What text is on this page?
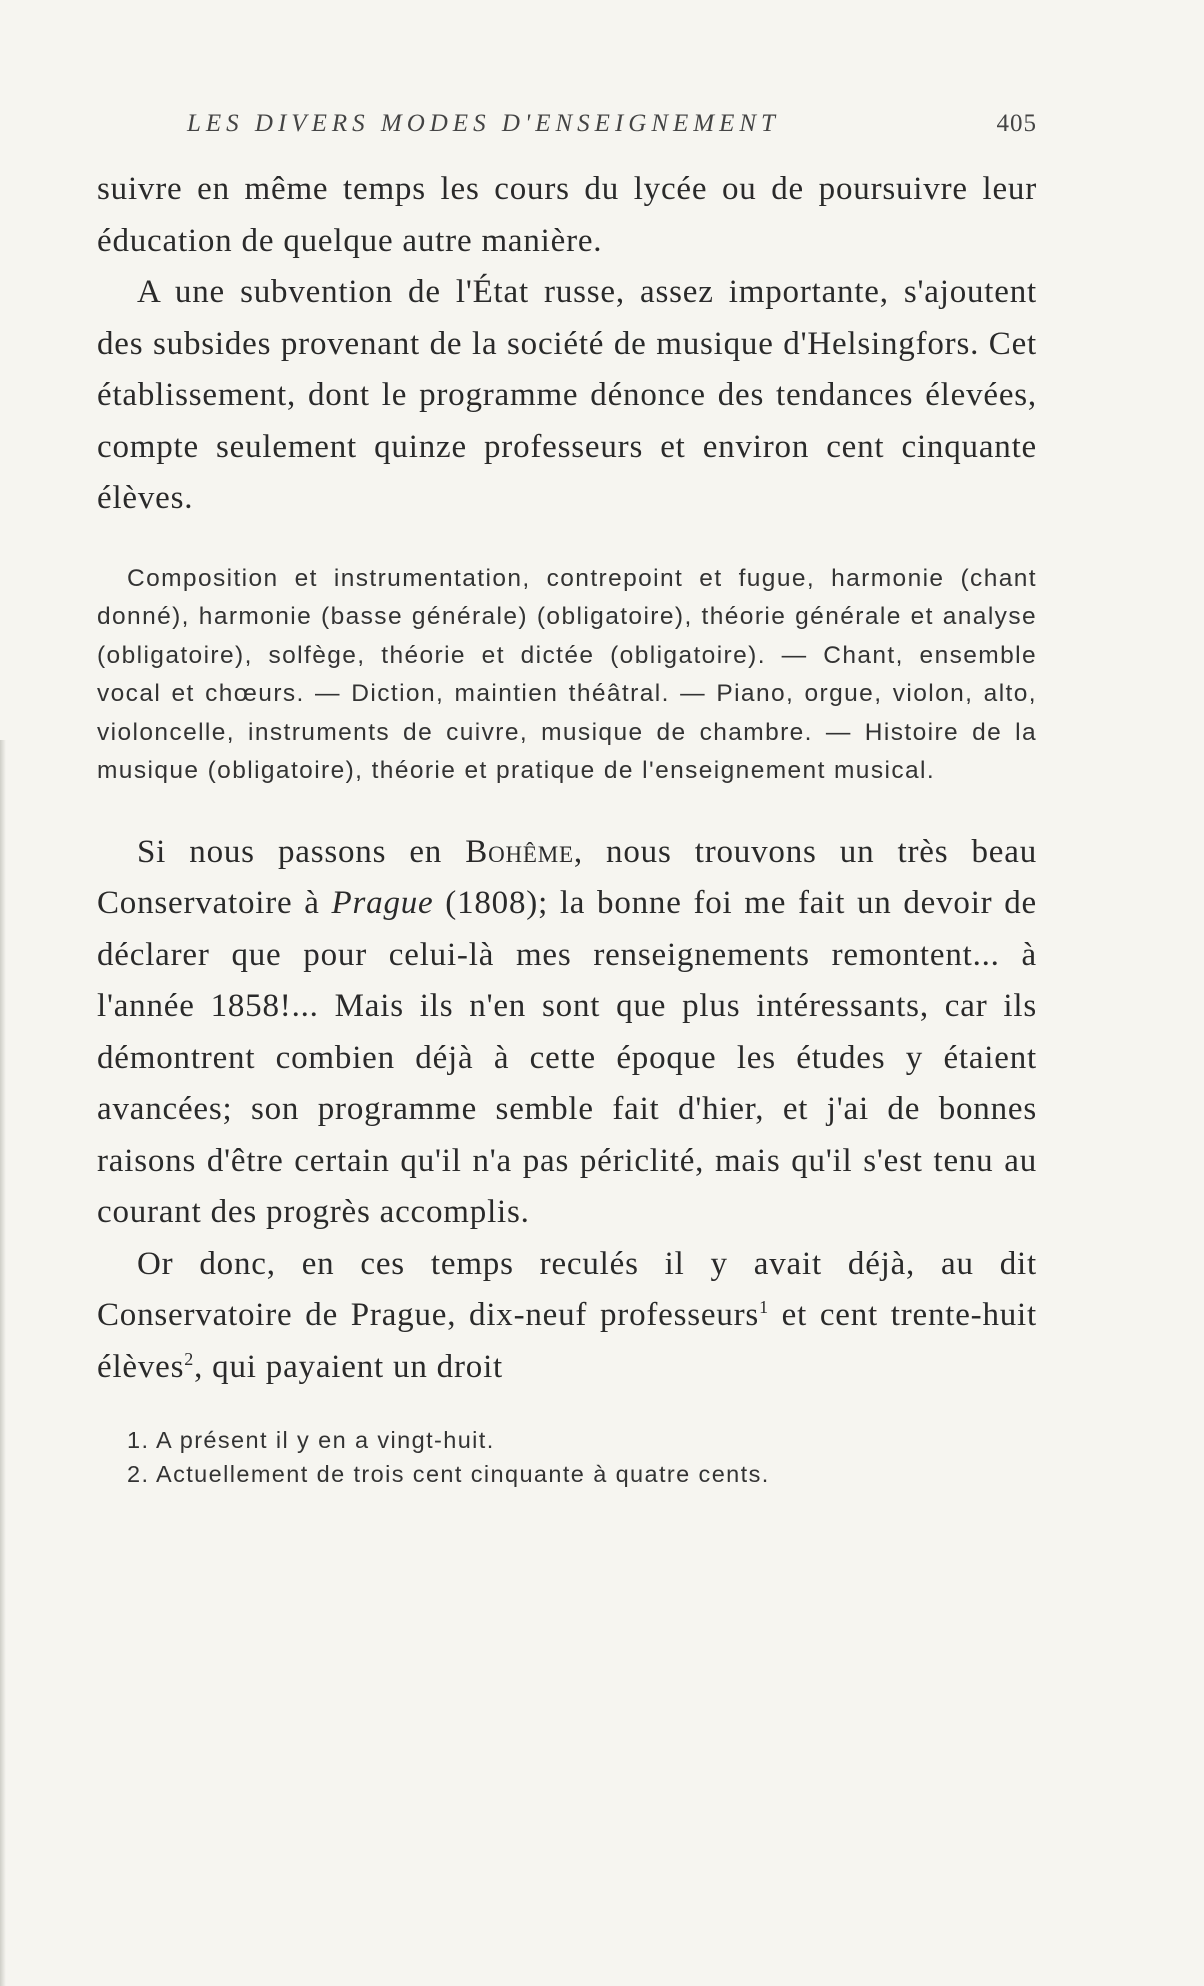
LES DIVERS MODES D'ENSEIGNEMENT	405

suivre en même temps les cours du lycée ou de poursuivre leur éducation de quelque autre manière.

A une subvention de l'État russe, assez importante, s'ajoutent des subsides provenant de la société de musique d'Helsingfors. Cet établissement, dont le programme dénonce des tendances élevées, compte seulement quinze professeurs et environ cent cinquante élèves.

Composition et instrumentation, contrepoint et fugue, harmonie (chant donné), harmonie (basse générale) (obligatoire), théorie générale et analyse (obligatoire), solfège, théorie et dictée (obligatoire). — Chant, ensemble vocal et chœurs. — Diction, maintien théâtral. — Piano, orgue, violon, alto, violoncelle, instruments de cuivre, musique de chambre. — Histoire de la musique (obligatoire), théorie et pratique de l'enseignement musical.

Si nous passons en Bohême, nous trouvons un très beau Conservatoire à Prague (1808); la bonne foi me fait un devoir de déclarer que pour celui-là mes renseignements remontent... à l'année 1858!... Mais ils n'en sont que plus intéressants, car ils démontrent combien déjà à cette époque les études y étaient avancées; son programme semble fait d'hier, et j'ai de bonnes raisons d'être certain qu'il n'a pas périclité, mais qu'il s'est tenu au courant des progrès accomplis.

Or donc, en ces temps reculés il y avait déjà, au dit Conservatoire de Prague, dix-neuf professeurs$^1$ et cent trente-huit élèves$^2$, qui payaient un droit

1. A présent il y en a vingt-huit.
2. Actuellement de trois cent cinquante à quatre cents.
